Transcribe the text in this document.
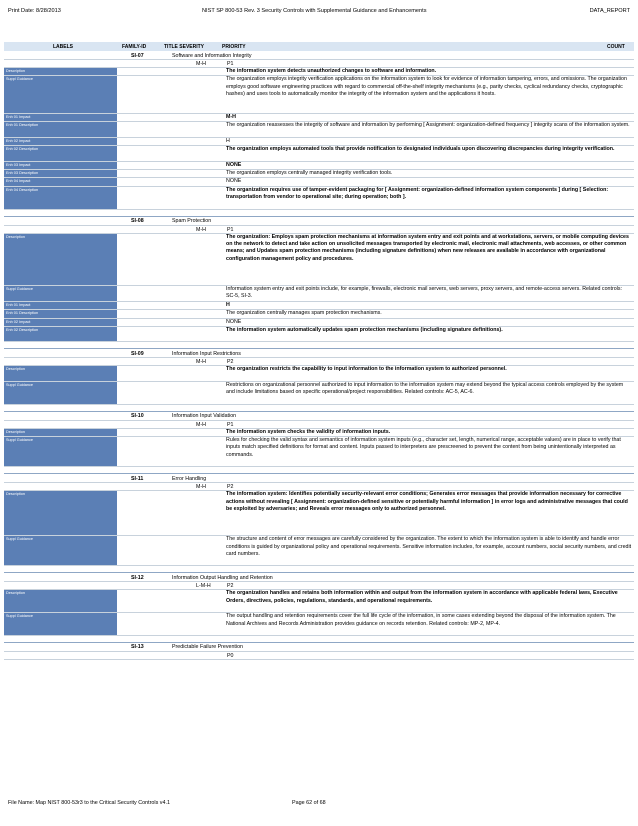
Print Date: 8/28/2013	NIST SP 800-53 Rev. 3 Security Controls with Supplemental Guidance and Enhancements	DATA_REPORT
LABELS	FAMILY-ID	TITLE SEVERITY	PRIORITY	COUNT
SI-07	Software and Information Integrity
M-H	P1
Description	The information system detects unauthorized changes to software and information.
Suppl Guidance	The organization employs integrity verification applications on the information system to look for evidence of information tampering, errors, and omissions. The organization employs good software engineering practices with regard to commercial off-the-shelf integrity mechanisms (e.g., parity checks, cyclical redundancy checks, cryptographic hashes) and uses tools to automatically monitor the integrity of the information system and the applications it hosts.
Enh 01 Impact	M-H
Enh 01 Description	The organization reassesses the integrity of software and information by performing [ Assignment: organization-defined frequency ] integrity scans of the information system.
Enh 02 Impact	H
Enh 02 Description	The organization employs automated tools that provide notification to designated individuals upon discovering discrepancies during integrity verification.
Enh 03 Impact	NONE
Enh 03 Description	The organization employs centrally managed integrity verification tools.
Enh 04 Impact	NONE
Enh 04 Description	The organization requires use of tamper-evident packaging for [ Assignment: organization-defined information system components ] during [ Selection: transportation from vendor to operational site; during operation; both ].
SI-08	Spam Protection
M-H	P1
Description	The organization: Employs spam protection mechanisms at information system entry and exit points and at workstations, servers, or mobile computing devices on the network to detect and take action on unsolicited messages transported by electronic mail, electronic mail attachments, web accesses, or other common means; and Updates spam protection mechanisms (including signature definitions) when new releases are available in accordance with organizational configuration management policy and procedures.
Suppl Guidance	Information system entry and exit points include, for example, firewalls, electronic mail servers, web servers, proxy servers, and remote-access servers. Related controls: SC-5, SI-3.
Enh 01 Impact	H
Enh 01 Description	The organization centrally manages spam protection mechanisms.
Enh 02 Impact	NONE
Enh 02 Description	The information system automatically updates spam protection mechanisms (including signature definitions).
SI-09	Information Input Restrictions
M-H	P2
Description	The organization restricts the capability to input information to the information system to authorized personnel.
Suppl Guidance	Restrictions on organizational personnel authorized to input information to the information system may extend beyond the typical access controls employed by the system and include limitations based on specific operational/project responsibilities. Related controls: AC-5, AC-6.
SI-10	Information Input Validation
M-H	P1
Description	The information system checks the validity of information inputs.
Suppl Guidance	Rules for checking the valid syntax and semantics of information system inputs (e.g., character set, length, numerical range, acceptable values) are in place to verify that inputs match specified definitions for format and content. Inputs passed to interpreters are prescreened to prevent the content from being unintentionally interpreted as commands.
SI-11	Error Handling
M-H	P2
Description	The information system: Identifies potentially security-relevant error conditions; Generates error messages that provide information necessary for corrective actions without revealing [ Assignment: organization-defined sensitive or potentially harmful information ] in error logs and administrative messages that could be exploited by adversaries; and Reveals error messages only to authorized personnel.
Suppl Guidance	The structure and content of error messages are carefully considered by the organization. The extent to which the information system is able to identify and handle error conditions is guided by organizational policy and operational requirements. Sensitive information includes, for example, account numbers, social security numbers, and credit card numbers.
SI-12	Information Output Handling and Retention
L-M-H	P2
Description	The organization handles and retains both information within and output from the information system in accordance with applicable federal laws, Executive Orders, directives, policies, regulations, standards, and operational requirements.
Suppl Guidance	The output handling and retention requirements cover the full life cycle of the information, in some cases extending beyond the disposal of the information system. The National Archives and Records Administration provides guidance on records retention. Related controls: MP-2, MP-4.
SI-13	Predictable Failure Prevention
P0
File Name: Map NIST 800-53r3 to the Critical Security Controls v4.1	Page 62 of 68
